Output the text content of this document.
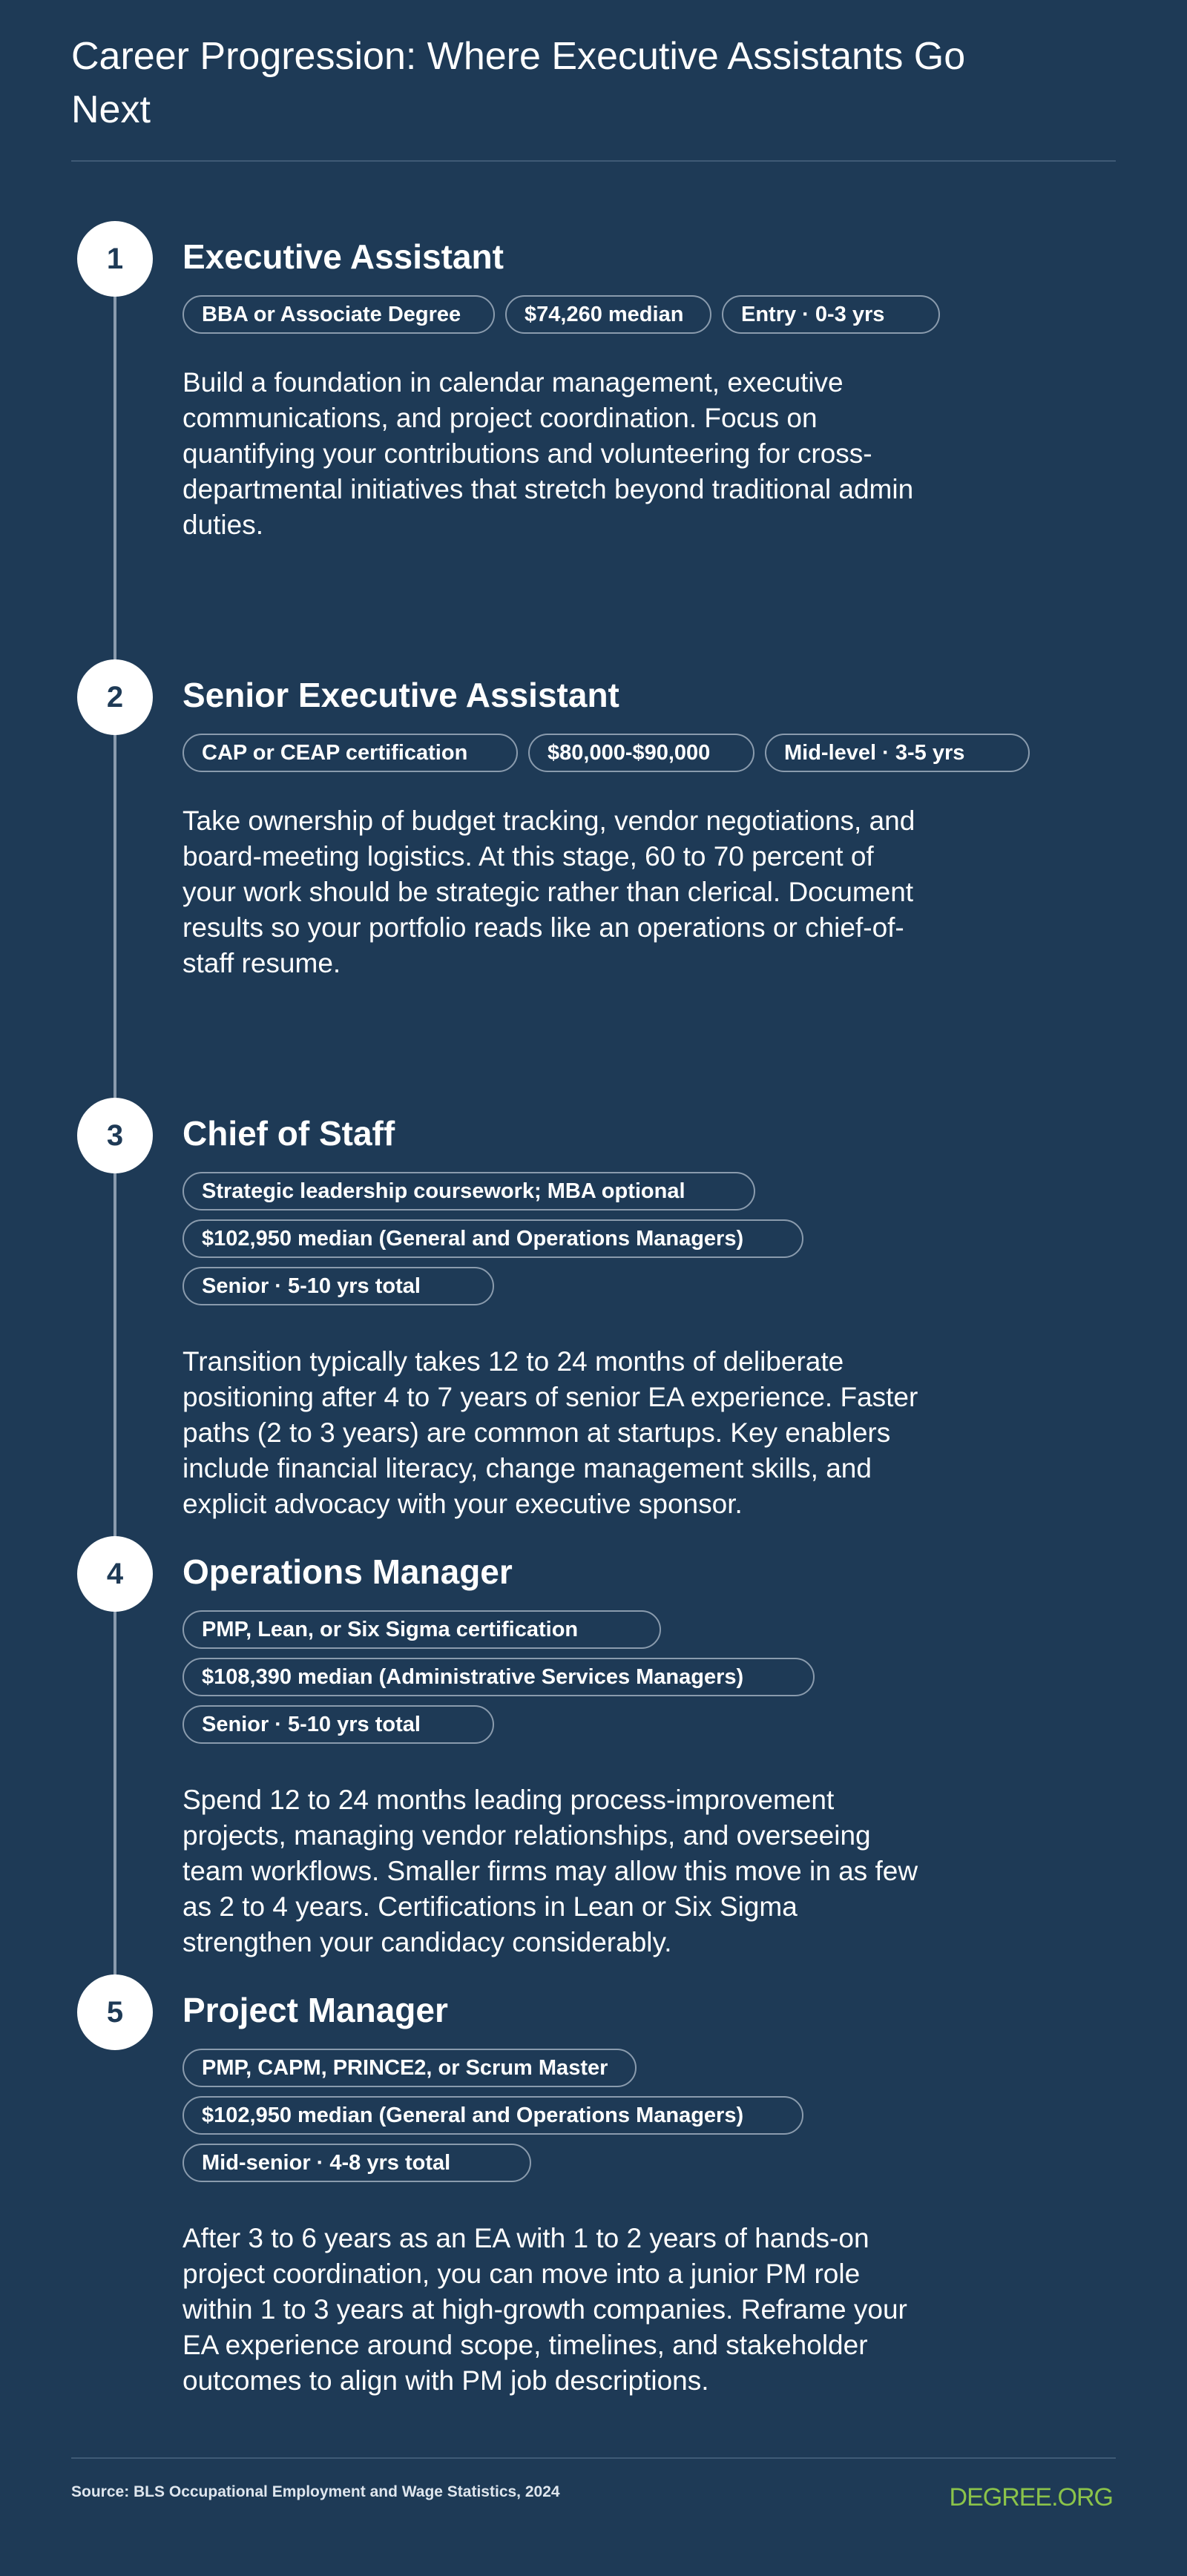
Career Progression: Where Executive Assistants Go Next
1	Executive Assistant
BBA or Associate Degree	$74,260 median	Entry · 0-3 yrs

Build a foundation in calendar management, executive communications, and project coordination. Focus on quantifying your contributions and volunteering for cross-departmental initiatives that stretch beyond traditional admin duties.

2	Senior Executive Assistant
CAP or CEAP certification	$80,000-$90,000	Mid-level · 3-5 yrs

Take ownership of budget tracking, vendor negotiations, and board-meeting logistics. At this stage, 60 to 70 percent of your work should be strategic rather than clerical. Document results so your portfolio reads like an operations or chief-of-staff resume.

3	Chief of Staff
Strategic leadership coursework; MBA optional
$102,950 median (General and Operations Managers)
Senior · 5-10 yrs total

Transition typically takes 12 to 24 months of deliberate positioning after 4 to 7 years of senior EA experience. Faster paths (2 to 3 years) are common at startups. Key enablers include financial literacy, change management skills, and explicit advocacy with your executive sponsor.

4	Operations Manager
PMP, Lean, or Six Sigma certification
$108,390 median (Administrative Services Managers)
Senior · 5-10 yrs total

Spend 12 to 24 months leading process-improvement projects, managing vendor relationships, and overseeing team workflows. Smaller firms may allow this move in as few as 2 to 4 years. Certifications in Lean or Six Sigma strengthen your candidacy considerably.

5	Project Manager
PMP, CAPM, PRINCE2, or Scrum Master
$102,950 median (General and Operations Managers)
Mid-senior · 4-8 yrs total

After 3 to 6 years as an EA with 1 to 2 years of hands-on project coordination, you can move into a junior PM role within 1 to 3 years at high-growth companies. Reframe your EA experience around scope, timelines, and stakeholder outcomes to align with PM job descriptions.

Source: BLS Occupational Employment and Wage Statistics, 2024	DEGREE.ORG
